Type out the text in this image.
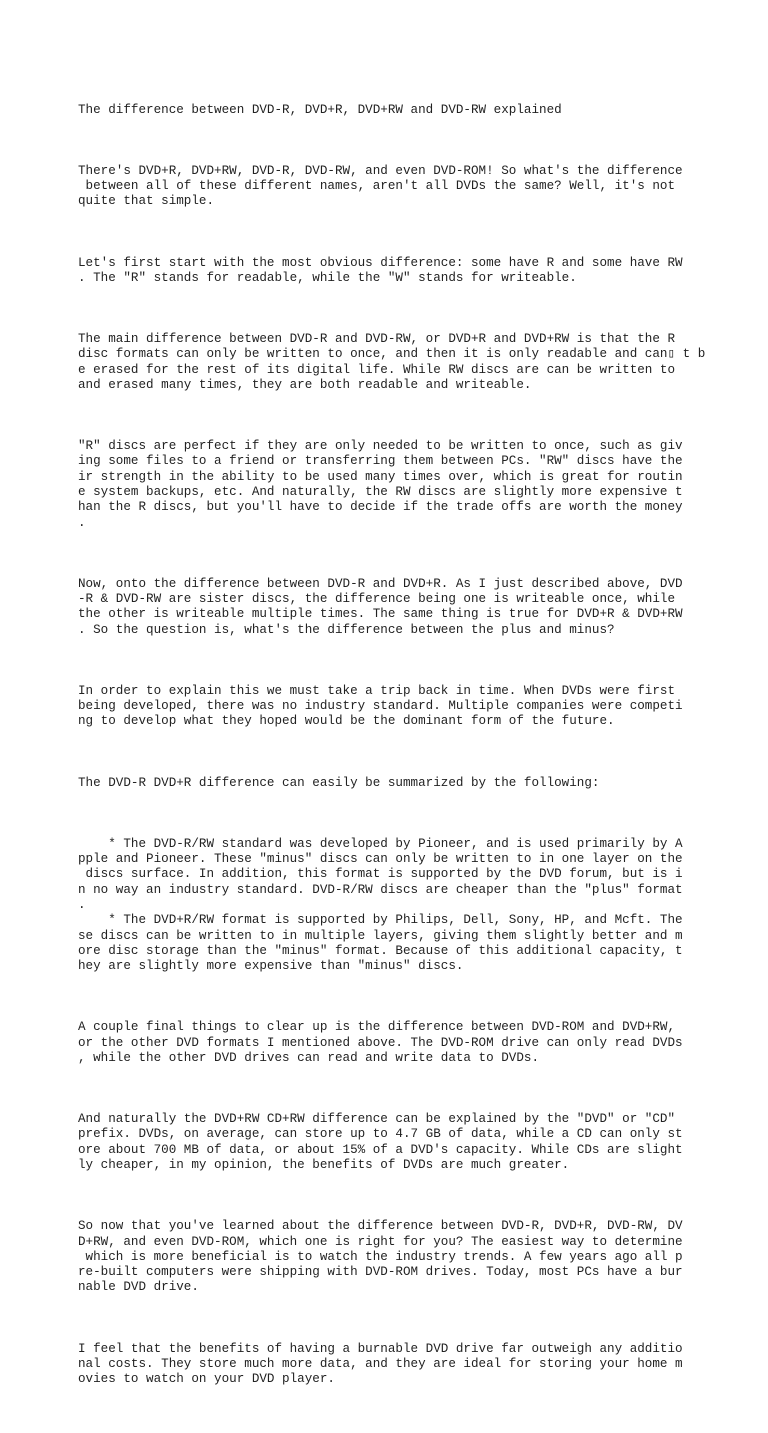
The difference between DVD-R, DVD+R, DVD+RW and DVD-RW explained

There's DVD+R, DVD+RW, DVD-R, DVD-RW, and even DVD-ROM! So what's the difference
between all of these different names, aren't all DVDs the same? Well, it's not
quite that simple.

Let's first start with the most obvious difference: some have R and some have RW
. The "R" stands for readable, while the "W" stands for writeable.

The main difference between DVD-R and DVD-RW, or DVD+R and DVD+RW is that the R
disc formats can only be written to once, and then it is only readable and can▯ t b
e erased for the rest of its digital life. While RW discs are can be written to
and erased many times, they are both readable and writeable.

"R" discs are perfect if they are only needed to be written to once, such as giv
ing some files to a friend or transferring them between PCs. "RW" discs have the
ir strength in the ability to be used many times over, which is great for routin
e system backups, etc. And naturally, the RW discs are slightly more expensive t
han the R discs, but you'll have to decide if the trade offs are worth the money
.

Now, onto the difference between DVD-R and DVD+R. As I just described above, DVD
-R & DVD-RW are sister discs, the difference being one is writeable once, while
the other is writeable multiple times. The same thing is true for DVD+R & DVD+RW
. So the question is, what's the difference between the plus and minus?

In order to explain this we must take a trip back in time. When DVDs were first
being developed, there was no industry standard. Multiple companies were competi
ng to develop what they hoped would be the dominant form of the future.

The DVD-R DVD+R difference can easily be summarized by the following:

* The DVD-R/RW standard was developed by Pioneer, and is used primarily by A
pple and Pioneer. These "minus" discs can only be written to in one layer on the
discs surface. In addition, this format is supported by the DVD forum, but is i
n no way an industry standard. DVD-R/RW discs are cheaper than the "plus" format
.
* The DVD+R/RW format is supported by Philips, Dell, Sony, HP, and Mcft. The
se discs can be written to in multiple layers, giving them slightly better and m
ore disc storage than the "minus" format. Because of this additional capacity, t
hey are slightly more expensive than "minus" discs.

A couple final things to clear up is the difference between DVD-ROM and DVD+RW,
or the other DVD formats I mentioned above. The DVD-ROM drive can only read DVDs
, while the other DVD drives can read and write data to DVDs.

And naturally the DVD+RW CD+RW difference can be explained by the "DVD" or "CD"
prefix. DVDs, on average, can store up to 4.7 GB of data, while a CD can only st
ore about 700 MB of data, or about 15% of a DVD's capacity. While CDs are slight
ly cheaper, in my opinion, the benefits of DVDs are much greater.

So now that you've learned about the difference between DVD-R, DVD+R, DVD-RW, DV
D+RW, and even DVD-ROM, which one is right for you? The easiest way to determine
which is more beneficial is to watch the industry trends. A few years ago all p
re-built computers were shipping with DVD-ROM drives. Today, most PCs have a bur
nable DVD drive.

I feel that the benefits of having a burnable DVD drive far outweigh any additio
nal costs. They store much more data, and they are ideal for storing your home m
ovies to watch on your DVD player.
